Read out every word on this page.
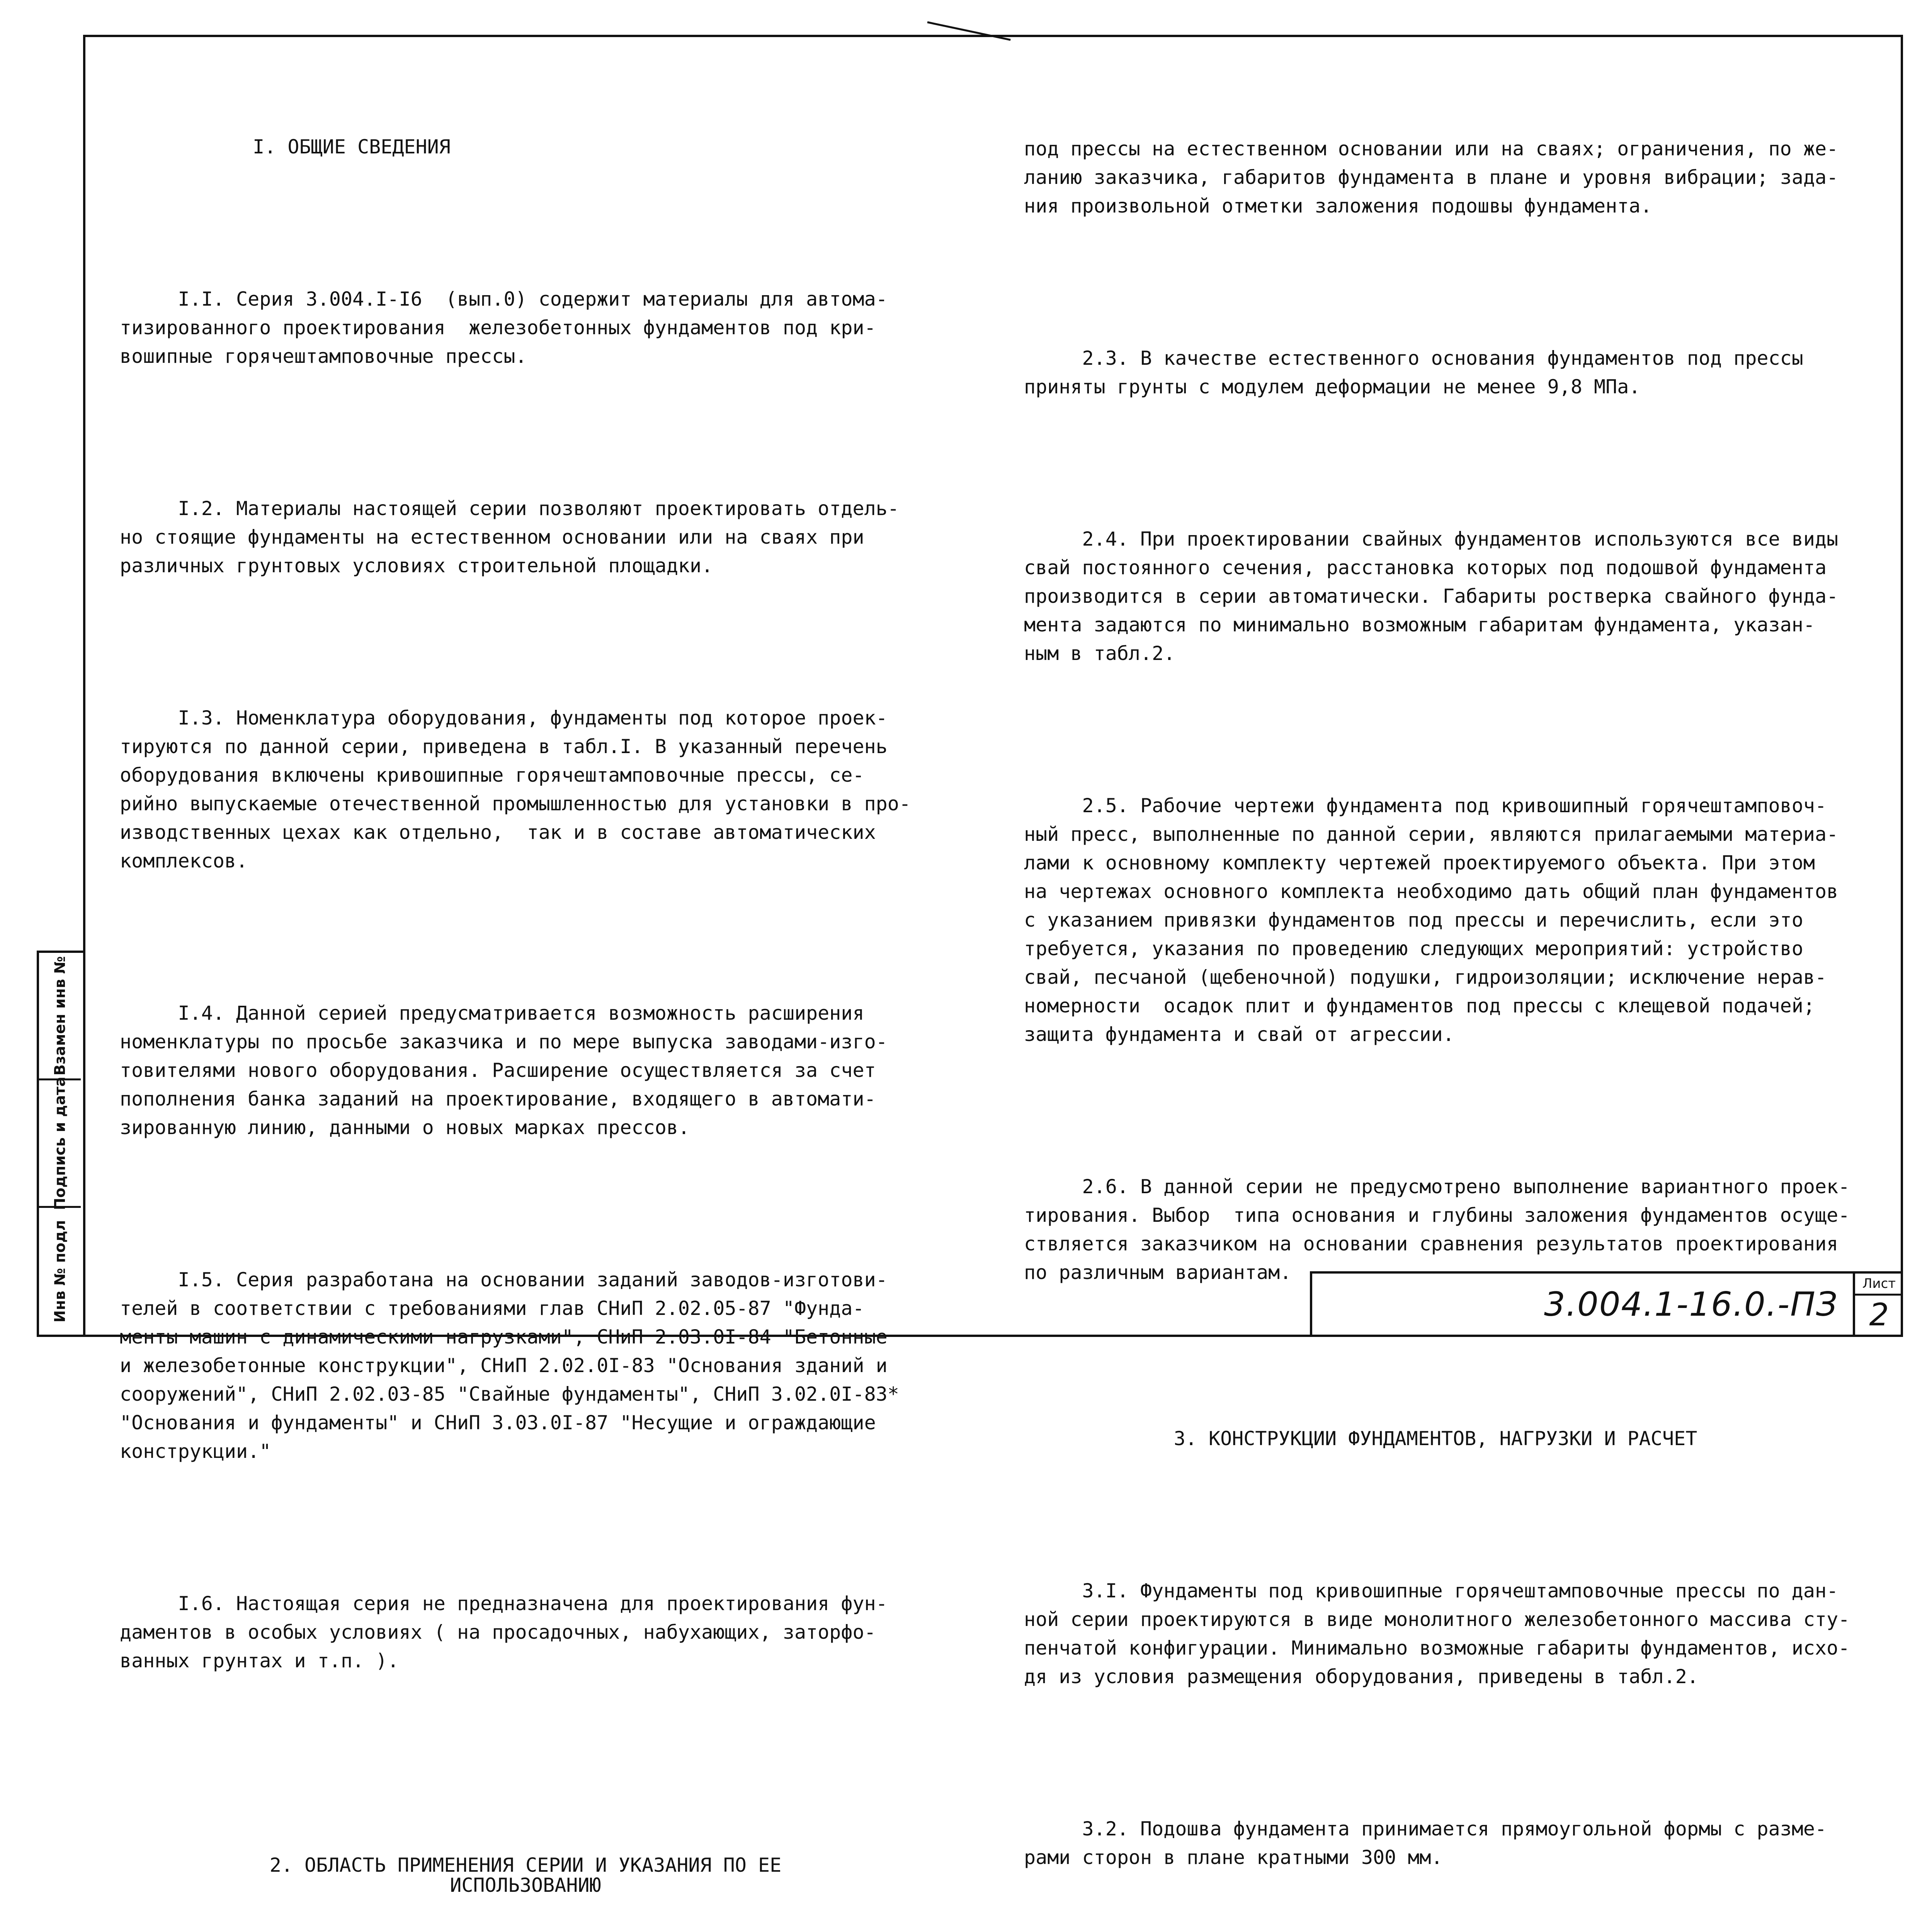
Взамен инв №
Подпись и дата
Инв № подл

I. ОБЩИЕ СВЕДЕНИЯ

I.I. Серия 3.004.I-I6  (вып.0) содержит материалы для автома-
тизированного проектирования  железобетонных фундаментов под кри-
вошипные горячештамповочные прессы.

I.2. Материалы настоящей серии позволяют проектировать отдель-
но стоящие фундаменты на естественном основании или на сваях при
различных грунтовых условиях строительной площадки.

I.3. Номенклатура оборудования, фундаменты под которое проек-
тируются по данной серии, приведена в табл.I. В указанный перечень
оборудования включены кривошипные горячештамповочные прессы, се-
рийно выпускаемые отечественной промышленностью для установки в про-
изводственных цехах как отдельно,  так и в составе автоматических
комплексов.

I.4. Данной серией предусматривается возможность расширения
номенклатуры по просьбе заказчика и по мере выпуска заводами-изго-
товителями нового оборудования. Расширение осуществляется за счет
пополнения банка заданий на проектирование, входящего в автомати-
зированную линию, данными о новых марках прессов.

I.5. Серия разработана на основании заданий заводов-изготови-
телей в соответствии с требованиями глав СНиП 2.02.05-87 "Фунда-
менты машин с динамическими нагрузками", СНиП 2.03.0I-84 "Бетонные
и железобетонные конструкции", СНиП 2.02.0I-83 "Основания зданий и
сооружений", СНиП 2.02.03-85 "Свайные фундаменты", СНиП 3.02.0I-83*
"Основания и фундаменты" и СНиП 3.03.0I-87 "Несущие и ограждающие
конструкции."

I.6. Настоящая серия не предназначена для проектирования фун-
даментов в особых условиях ( на просадочных, набухающих, заторфо-
ванных грунтах и т.п. ).

2. ОБЛАСТЬ ПРИМЕНЕНИЯ СЕРИИ И УКАЗАНИЯ ПО ЕЕ
ИСПОЛЬЗОВАНИЮ

под прессы на естественном основании или на сваях; ограничения, по же-
ланию заказчика, габаритов фундамента в плане и уровня вибрации; зада-
ния произвольной отметки заложения подошвы фундамента.

2.3. В качестве естественного основания фундаментов под прессы
приняты грунты с модулем деформации не менее 9,8 МПа.

2.4. При проектировании свайных фундаментов используются все виды
свай постоянного сечения, расстановка которых под подошвой фундамента
производится в серии автоматически. Габариты ростверка свайного фунда-
мента задаются по минимально возможным габаритам фундамента, указан-
ным в табл.2.

2.5. Рабочие чертежи фундамента под кривошипный горячештамповоч-
ный пресс, выполненные по данной серии, являются прилагаемыми материа-
лами к основному комплекту чертежей проектируемого объекта. При этом
на чертежах основного комплекта необходимо дать общий план фундаментов
с указанием привязки фундаментов под прессы и перечислить, если это
требуется, указания по проведению следующих мероприятий: устройство
свай, песчаной (щебеночной) подушки, гидроизоляции; исключение нерав-
номерности  осадок плит и фундаментов под прессы с клещевой подачей;
защита фундамента и свай от агрессии.

2.6. В данной серии не предусмотрено выполнение вариантного проек-
тирования. Выбор  типа основания и глубины заложения фундаментов осуще-
ствляется заказчиком на основании сравнения результатов проектирования
по различным вариантам.

3. КОНСТРУКЦИИ ФУНДАМЕНТОВ, НАГРУЗКИ И РАСЧЕТ

3.I. Фундаменты под кривошипные горячештамповочные прессы по дан-
ной серии проектируются в виде монолитного железобетонного массива сту-
пенчатой конфигурации. Минимально возможные габариты фундаментов, исхо-
дя из условия размещения оборудования, приведены в табл.2.

3.2. Подошва фундамента принимается прямоугольной формы с разме-
рами сторон в плане кратными 300 мм.

3.004.1-16.0.-ПЗ
Лист
2
